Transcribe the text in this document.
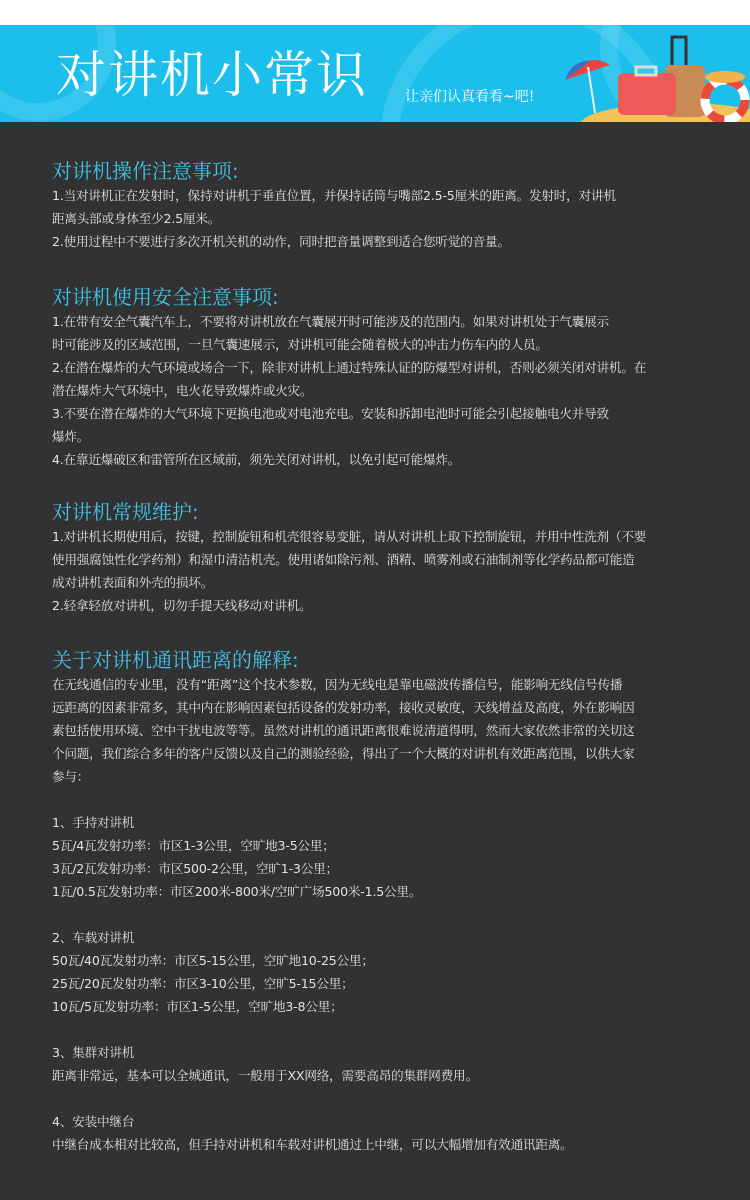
对讲机小常识	让亲们认真看看~吧!
对讲机操作注意事项:
1.当对讲机正在发射时，保持对讲机于垂直位置，并保持话筒与嘴部2.5-5厘米的距离。发射时，对讲机
距离头部或身体至少2.5厘米。
2.使用过程中不要进行多次开机关机的动作，同时把音量调整到适合您听觉的音量。
对讲机使用安全注意事项:
1.在带有安全气囊汽车上，不要将对讲机放在气囊展开时可能涉及的范围内。如果对讲机处于气囊展示
时可能涉及的区域范围，一旦气囊速展示，对讲机可能会随着极大的冲击力伤车内的人员。
2.在潜在爆炸的大气环境或场合一下，除非对讲机上通过特殊认证的防爆型对讲机，否则必须关闭对讲机。在
潜在爆炸大气环境中，电火花导致爆炸或火灾。
3.不要在潜在爆炸的大气环境下更换电池或对电池充电。安装和拆卸电池时可能会引起接触电火并导致
爆炸。
4.在靠近爆破区和雷管所在区域前，须先关闭对讲机，以免引起可能爆炸。
对讲机常规维护:
1.对讲机长期使用后，按键，控制旋钮和机壳很容易变脏，请从对讲机上取下控制旋钮，并用中性洗剂（不要
使用强腐蚀性化学药剂）和湿巾清洁机壳。使用诸如除污剂、酒精、喷雾剂或石油制剂等化学药品都可能造
成对讲机表面和外壳的损坏。
2.轻拿轻放对讲机，切勿手提天线移动对讲机。
关于对讲机通讯距离的解释:
在无线通信的专业里，没有“距离”这个技术参数，因为无线电是靠电磁波传播信号，能影响无线信号传播
远距离的因素非常多，其中内在影响因素包括设备的发射功率，接收灵敏度，天线增益及高度，外在影响因
素包括使用环境、空中干扰电波等等。虽然对讲机的通讯距离很难说清道得明，然而大家依然非常的关切这
个问题，我们综合多年的客户反馈以及自己的测验经验，得出了一个大概的对讲机有效距离范围，以供大家
参与：
1、手持对讲机
5瓦/4瓦发射功率：市区1-3公里，空旷地3-5公里；
3瓦/2瓦发射功率：市区500-2公里，空旷1-3公里；
1瓦/0.5瓦发射功率：市区200米-800米/空旷广场500米-1.5公里。
2、车载对讲机
50瓦/40瓦发射功率：市区5-15公里，空旷地10-25公里；
25瓦/20瓦发射功率：市区3-10公里，空旷5-15公里；
10瓦/5瓦发射功率：市区1-5公里，空旷地3-8公里；
3、集群对讲机
距离非常远，基本可以全城通讯，一般用于XX网络，需要高昂的集群网费用。
4、安装中继台
中继台成本相对比较高，但手持对讲机和车载对讲机通过上中继，可以大幅增加有效通讯距离。
